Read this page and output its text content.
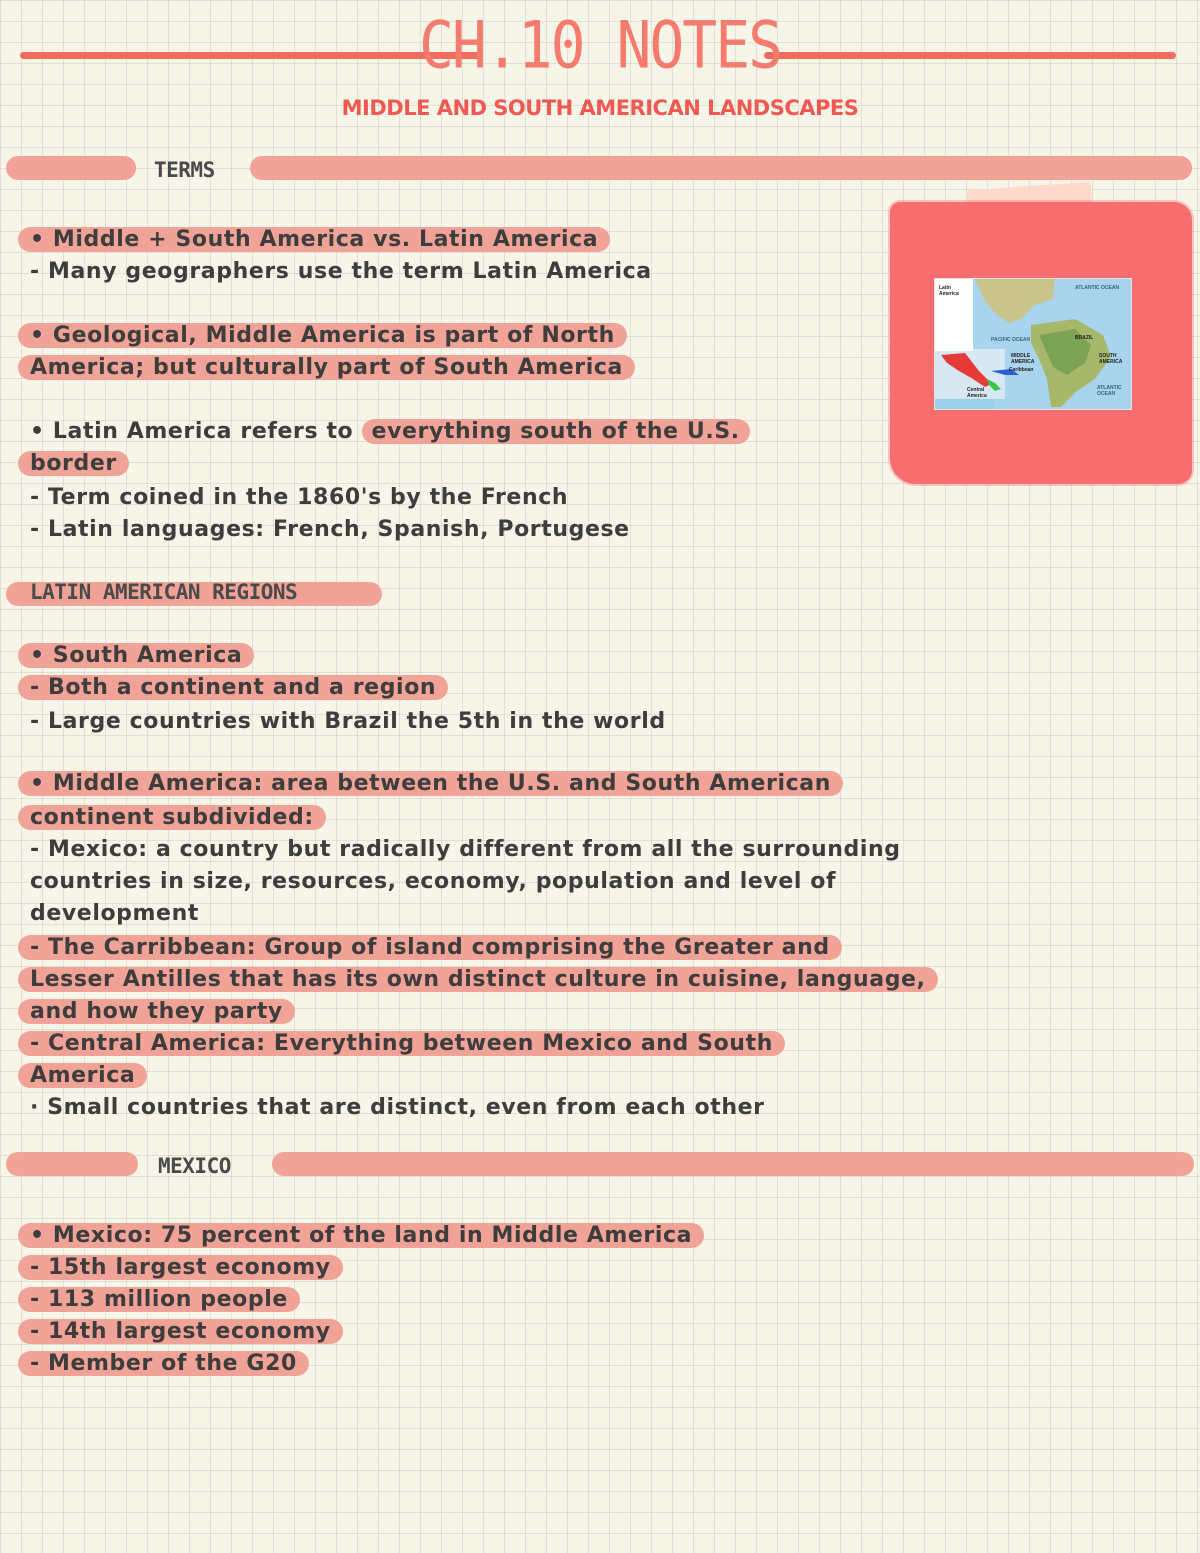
CH.10 NOTES
MIDDLE AND SOUTH AMERICAN LANDSCAPES
TERMS
• Middle + South America vs. Latin America
- Many geographers use the term Latin America
• Geological, Middle America is part of North
America; but culturally part of South America
• Latin America refers to everything south of the U.S.
border
- Term coined in the 1860's by the French
- Latin languages: French, Spanish, Portugese
Latin America
ATLANTIC OCEAN
PACIFIC OCEAN
MIDDLE AMERICA
Caribbean
Central America
BRAZIL
SOUTH AMERICA
ATLANTIC OCEAN
LATIN AMERICAN REGIONS
• South America
- Both a continent and a region
- Large countries with Brazil the 5th in the world
• Middle America: area between the U.S. and South American
continent subdivided:
- Mexico: a country but radically different from all the surrounding
countries in size, resources, economy, population and level of
development
- The Carribbean: Group of island comprising the Greater and
Lesser Antilles that has its own distinct culture in cuisine, language,
and how they party
- Central America: Everything between Mexico and South
America
· Small countries that are distinct, even from each other
MEXICO
• Mexico: 75 percent of the land in Middle America
- 15th largest economy
- 113 million people
- 14th largest economy
- Member of the G20
